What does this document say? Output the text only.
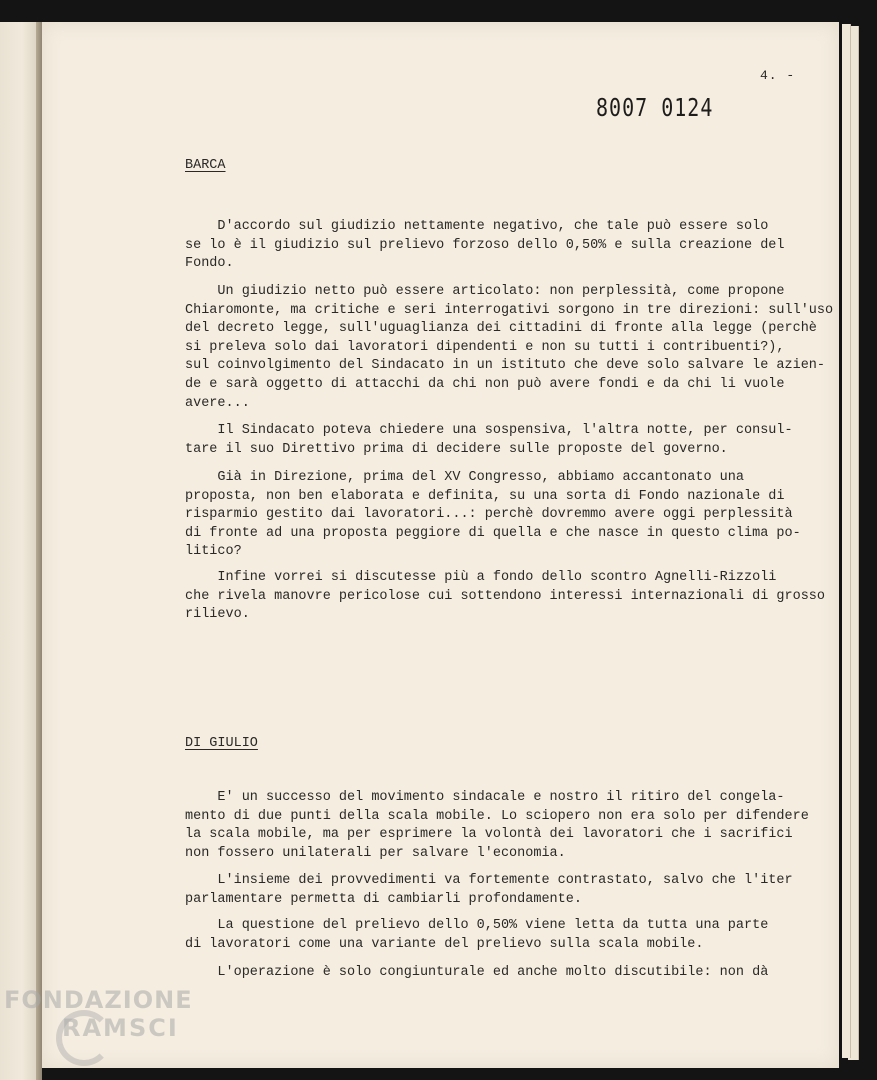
4. -
8007 0124
BARCA

D'accordo sul giudizio nettamente negativo, che tale può essere solo
se lo è il giudizio sul prelievo forzoso dello 0,50% e sulla creazione del
Fondo.

Un giudizio netto può essere articolato: non perplessità, come propone
Chiaromonte, ma critiche e seri interrogativi sorgono in tre direzioni: sull'uso
del decreto legge, sull'uguaglianza dei cittadini di fronte alla legge (perchè
si preleva solo dai lavoratori dipendenti e non su tutti i contribuenti?),
sul coinvolgimento del Sindacato in un istituto che deve solo salvare le azien-
de e sarà oggetto di attacchi da chi non può avere fondi e da chi li vuole
avere...

Il Sindacato poteva chiedere una sospensiva, l'altra notte, per consul-
tare il suo Direttivo prima di decidere sulle proposte del governo.

Già in Direzione, prima del XV Congresso, abbiamo accantonato una
proposta, non ben elaborata e definita, su una sorta di Fondo nazionale di
risparmio gestito dai lavoratori...: perchè dovremmo avere oggi perplessità
di fronte ad una proposta peggiore di quella e che nasce in questo clima po-
litico?

Infine vorrei si discutesse più a fondo dello scontro Agnelli-Rizzoli
che rivela manovre pericolose cui sottendono interessi internazionali di grosso
rilievo.

DI GIULIO

E' un successo del movimento sindacale e nostro il ritiro del congela-
mento di due punti della scala mobile. Lo sciopero non era solo per difendere
la scala mobile, ma per esprimere la volontà dei lavoratori che i sacrifici
non fossero unilaterali per salvare l'economia.

L'insieme dei provvedimenti va fortemente contrastato, salvo che l'iter
parlamentare permetta di cambiarli profondamente.

La questione del prelievo dello 0,50% viene letta da tutta una parte
di lavoratori come una variante del prelievo sulla scala mobile.

L'operazione è solo congiunturale ed anche molto discutibile: non dà

FONDAZIONE
RAMSCI
